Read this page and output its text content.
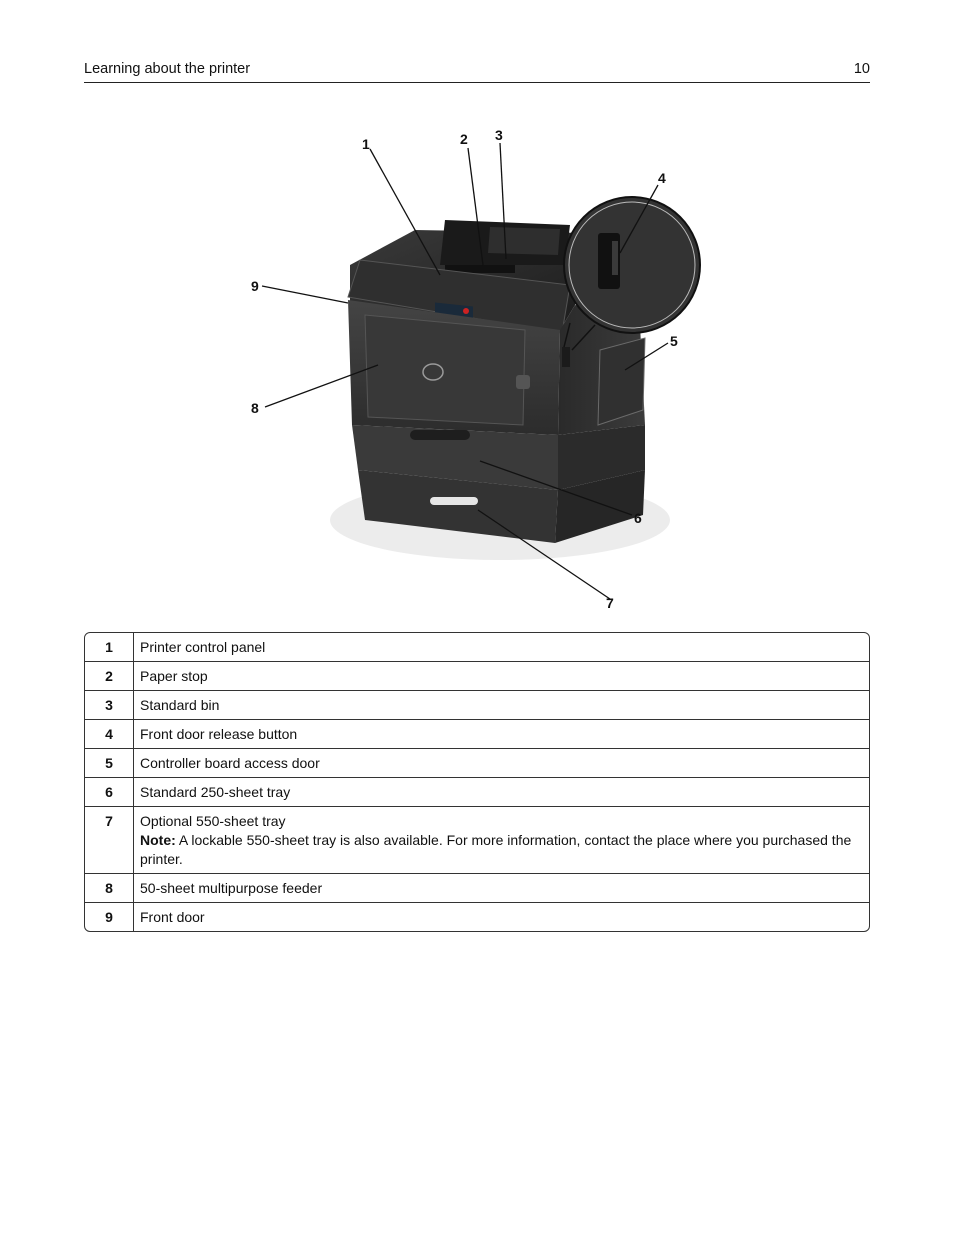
Learning about the printer	10
1	2 3
4
5
6
7
8
9
1	Printer control panel
2	Paper stop
3	Standard bin
4	Front door release button
5	Controller board access door
6	Standard 250-sheet tray
7	Optional 550-sheet tray
Note: A lockable 550-sheet tray is also available. For more information, contact the place where you purchased the printer.

8	50-sheet multipurpose feeder
9	Front door
